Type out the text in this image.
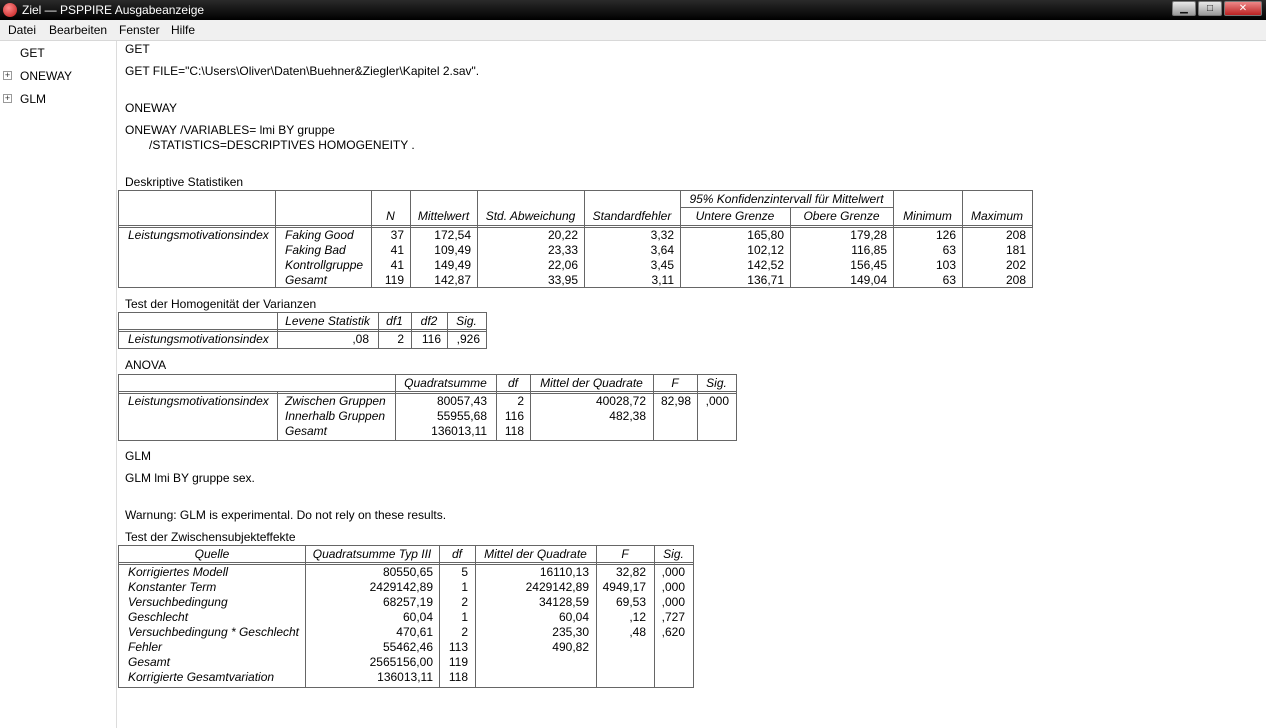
Ziel — PSPPIRE Ausgabeanzeige	▁	□	✕
Datei Bearbeiten Fenster Hilfe
GET
+ ONEWAY
+ GLM
GET
GET FILE="C:\Users\Oliver\Daten\Buehner&Ziegler\Kapitel 2.sav".
ONEWAY
ONEWAY /VARIABLES= lmi BY gruppe
/STATISTICS=DESCRIPTIVES HOMOGENEITY .
Deskriptive Statistiken
95% Konfidenzintervall für Mittelwert
N	Mittelwert	Std. Abweichung	Standardfehler	Untere Grenze	Obere Grenze	Minimum	Maximum
Leistungsmotivationsindex Faking Good	37	172,54	20,22	3,32	165,80	179,28	126	208
Faking Bad	41	109,49	23,33	3,64	102,12	116,85	63	181
Kontrollgruppe	41	149,49	22,06	3,45	142,52	156,45	103	202
Gesamt	119	142,87	33,95	3,11	136,71	149,04	63	208
Test der Homogenität der Varianzen
Levene Statistik	df1	df2	Sig.
Leistungsmotivationsindex	,08	2	116	,926
ANOVA
Quadratsumme	df	Mittel der Quadrate	F	Sig.
Leistungsmotivationsindex Zwischen Gruppen	80057,43	2	40028,72	82,98	,000
Innerhalb Gruppen	55955,68	116	482,38
Gesamt	136013,11	118
GLM
GLM lmi BY gruppe sex.
Warnung: GLM is experimental. Do not rely on these results.
Test der Zwischensubjekteffekte
Quelle	Quadratsumme Typ III	df	Mittel der Quadrate	F	Sig.
Korrigiertes Modell	80550,65	5	16110,13	32,82	,000
Konstanter Term	2429142,89	1	2429142,89	4949,17	,000
Versuchbedingung	68257,19	2	34128,59	69,53	,000
Geschlecht	60,04	1	60,04	,12	,727
Versuchbedingung * Geschlecht	470,61	2	235,30	,48	,620
Fehler	55462,46	113	490,82
Gesamt	2565156,00	119
Korrigierte Gesamtvariation	136013,11	118
